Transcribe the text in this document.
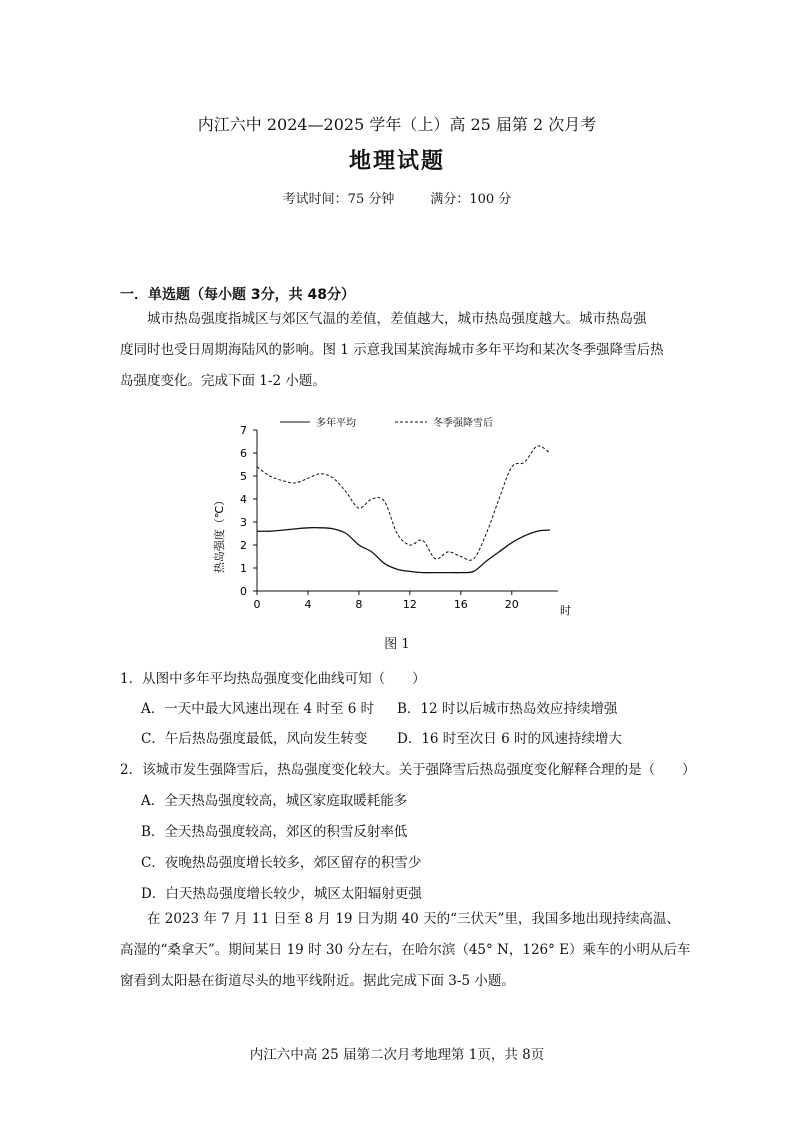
内江六中 2024—2025 学年（上）高 25 届第 2 次月考
地理试题
考试时间：75 分钟	满分：100 分
一．单选题（每小题 3分，共 48分）
城市热岛强度指城区与郊区气温的差值，差值越大，城市热岛强度越大。城市热岛强
度同时也受日周期海陆风的影响。图 1 示意我国某滨海城市多年平均和某次冬季强降雪后热
岛强度变化。完成下面 1-2 小题。
0
1
2
3
4
5
6
7
0	4	8	12	16	20
多年平均	冬季强降雪后
时
热岛强度（℃）
图 1
1．从图中多年平均热岛强度变化曲线可知（　　）
A．一天中最大风速出现在 4 时至 6 时 B．12 时以后城市热岛效应持续增强
C．午后热岛强度最低，风向发生转变 D．16 时至次日 6 时的风速持续增大
2．该城市发生强降雪后，热岛强度变化较大。关于强降雪后热岛强度变化解释合理的是（　　）
A．全天热岛强度较高，城区家庭取暖耗能多
B．全天热岛强度较高，郊区的积雪反射率低
C．夜晚热岛强度增长较多，郊区留存的积雪少
D．白天热岛强度增长较少，城区太阳辐射更强
在 2023 年 7 月 11 日至 8 月 19 日为期 40 天的“三伏天”里，我国多地出现持续高温、
高湿的“桑拿天”。期间某日 19 时 30 分左右，在哈尔滨（45° N，126° E）乘车的小明从后车
窗看到太阳悬在街道尽头的地平线附近。据此完成下面 3-5 小题。
内江六中高 25 届第二次月考地理第 1页，共 8页
